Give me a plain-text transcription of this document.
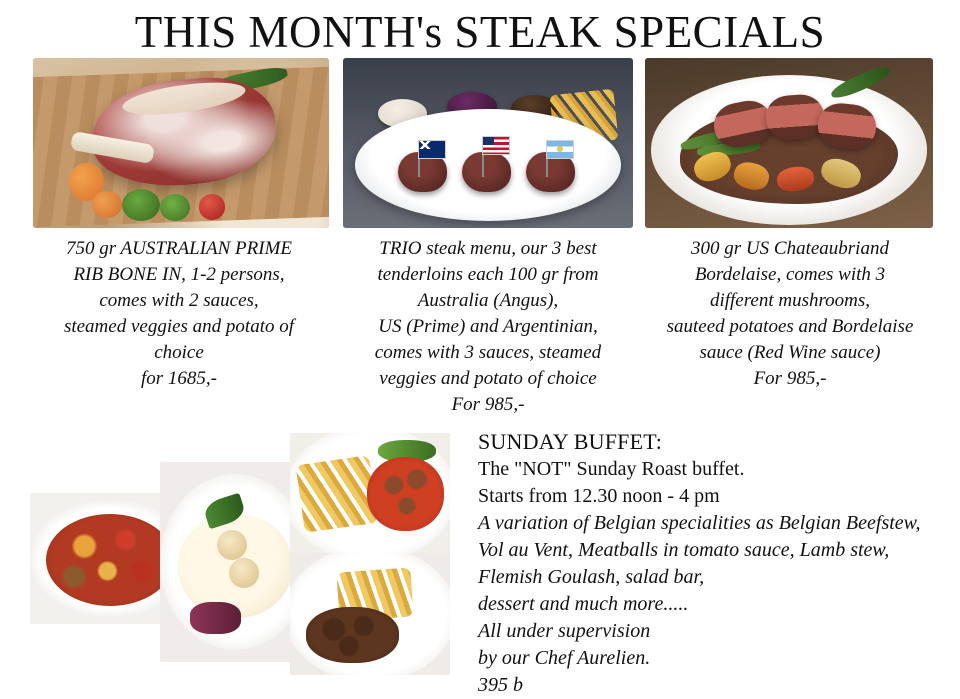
THIS MONTH's STEAK SPECIALS
750 gr AUSTRALIAN PRIME
RIB BONE IN, 1-2 persons,
comes with 2 sauces,
steamed veggies and potato of
choice
for 1685,-
TRIO steak menu, our 3 best
tenderloins each 100 gr from
Australia (Angus),
US (Prime) and Argentinian,
comes with 3 sauces, steamed
veggies and potato of choice
For 985,-
300 gr US Chateaubriand
Bordelaise, comes with 3
different mushrooms,
sauteed potatoes and Bordelaise
sauce (Red Wine sauce)
For 985,-
SUNDAY BUFFET:
The "NOT" Sunday Roast buffet.
Starts from 12.30 noon - 4 pm
A variation of Belgian specialities as Belgian Beefstew,
Vol au Vent, Meatballs in tomato sauce, Lamb stew,
Flemish Goulash, salad bar,
dessert and much more.....
All under supervision
by our Chef Aurelien.
395 b
